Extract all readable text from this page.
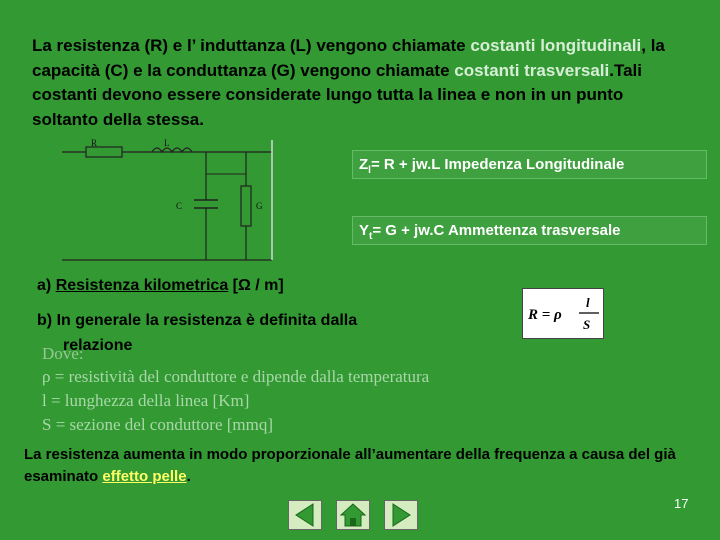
La resistenza (R) e l’ induttanza (L) vengono chiamate costanti longitudinali, la capacità (C) e la conduttanza (G) vengono chiamate costanti trasversali.Tali costanti devono essere considerate lungo tutta la linea e non in un punto soltanto della stessa.
R	L
C	G
$Z_l= R + jw.L$ Impedenza Longitudinale
$Y_t= G + jw.C$ Ammettenza trasversale
a) Resistenza kilometrica [Ω / m]
b) In generale la resistenza è definita dalla
relazione
R = ρ
l
S
Dove:
ρ = resistività del conduttore e dipende dalla temperatura
l = lunghezza della linea [Km]
S = sezione del conduttore [mmq]
La resistenza aumenta in modo proporzionale all’aumentare della frequenza a causa del già esaminato effetto pelle.
17
